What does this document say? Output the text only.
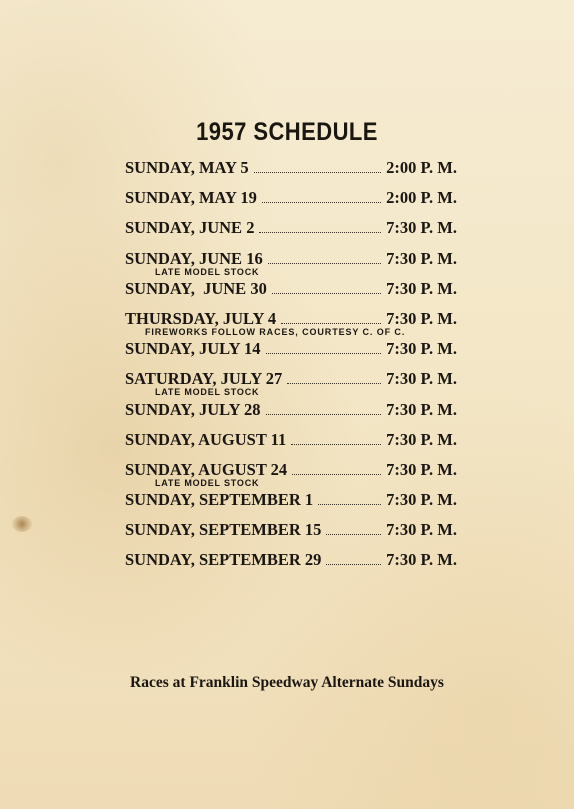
1957 SCHEDULE
SUNDAY, MAY 5	2:00 P. M.
SUNDAY, MAY 19	2:00 P. M.
SUNDAY, JUNE 2	7:30 P. M.
SUNDAY, JUNE 16	7:30 P. M.
LATE MODEL STOCK
SUNDAY,  JUNE 30	7:30 P. M.
THURSDAY, JULY 4	7:30 P. M.
FIREWORKS FOLLOW RACES, COURTESY C. OF C.
SUNDAY, JULY 14	7:30 P. M.
SATURDAY, JULY 27	7:30 P. M.
LATE MODEL STOCK
SUNDAY, JULY 28	7:30 P. M.
SUNDAY, AUGUST 11	7:30 P. M.
SUNDAY, AUGUST 24	7:30 P. M.
LATE MODEL STOCK
SUNDAY, SEPTEMBER 1	7:30 P. M.
SUNDAY, SEPTEMBER 15	7:30 P. M.
SUNDAY, SEPTEMBER 29	7:30 P. M.
Races at Franklin Speedway Alternate Sundays
